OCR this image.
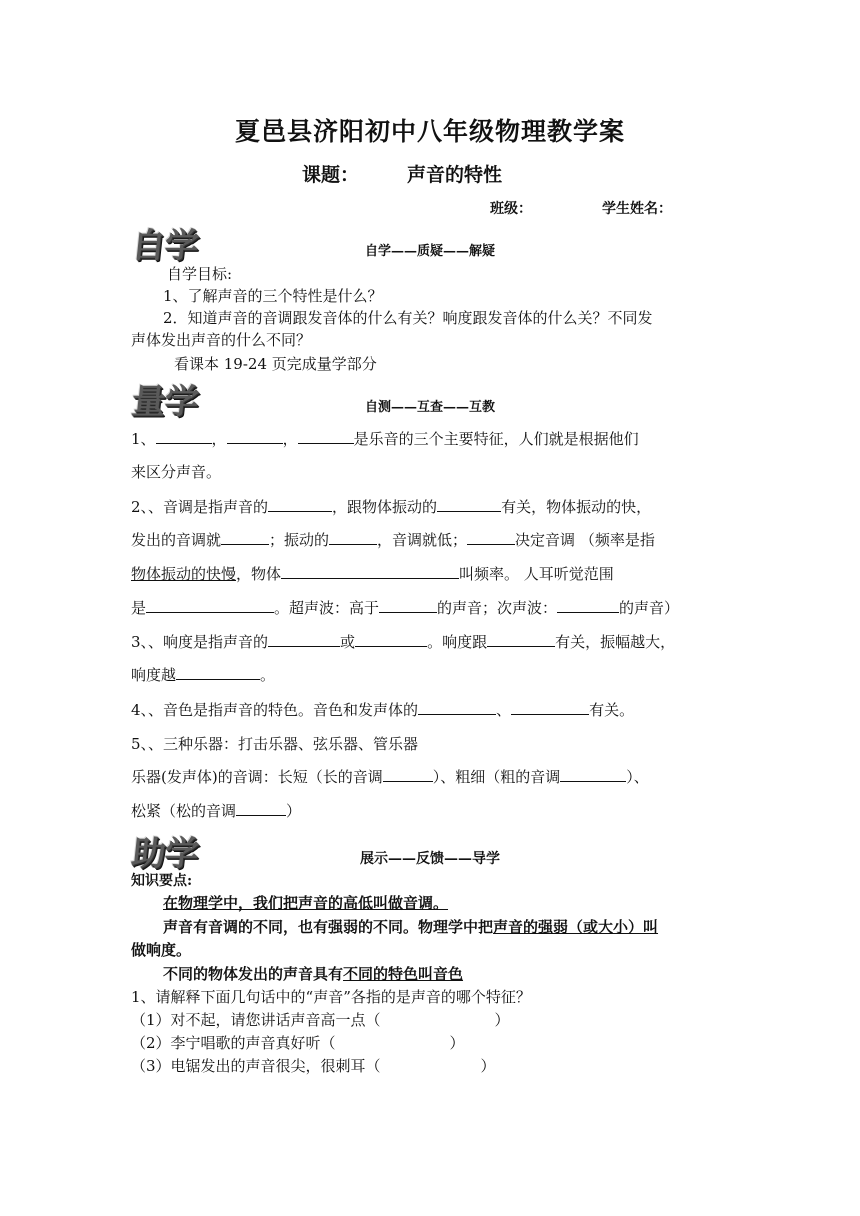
夏邑县济阳初中八年级物理教学案
课题：	声音的特性
班级：	学生姓名：
自学	自学——质疑——解疑
自学目标:
1、了解声音的三个特性是什么？
2．知道声音的音调跟发音体的什么有关？响度跟发音体的什么关？不同发
声体发出声音的什么不同？
看课本 19-24 页完成量学部分
量学	自测——互查——互教
1、	，	，	是乐音的三个主要特征，人们就是根据他们
来区分声音。
2、、音调是指声音的	，跟物体振动的	有关，物体振动的快，
发出的音调就	；振动的	，音调就低；	决定音调 （频率是指
物体振动的快慢，物体	叫频率。 人耳听觉范围
是	。超声波：高于	的声音；次声波：	的声音）
3、、响度是指声音的	或	。响度跟	有关，振幅越大，
响度越	。
4、、音色是指声音的特色。音色和发声体的	、	有关。
5、、三种乐器：打击乐器、弦乐器、管乐器
乐器(发声体)的音调：长短（长的音调	）、粗细（粗的音调	）、
松紧（松的音调	）
助学	展示——反馈——导学
知识要点:
在物理学中，我们把声音的高低叫做音调。
声音有音调的不同，也有强弱的不同。物理学中把声音的强弱（或大小）叫
做响度。
不同的物体发出的声音具有不同的特色叫音色
1、请解释下面几句话中的“声音”各指的是声音的哪个特征？
（1）对不起，请您讲话声音高一点（	）
（2）李宁唱歌的声音真好听（	）
（3）电锯发出的声音很尖，很刺耳（	）
